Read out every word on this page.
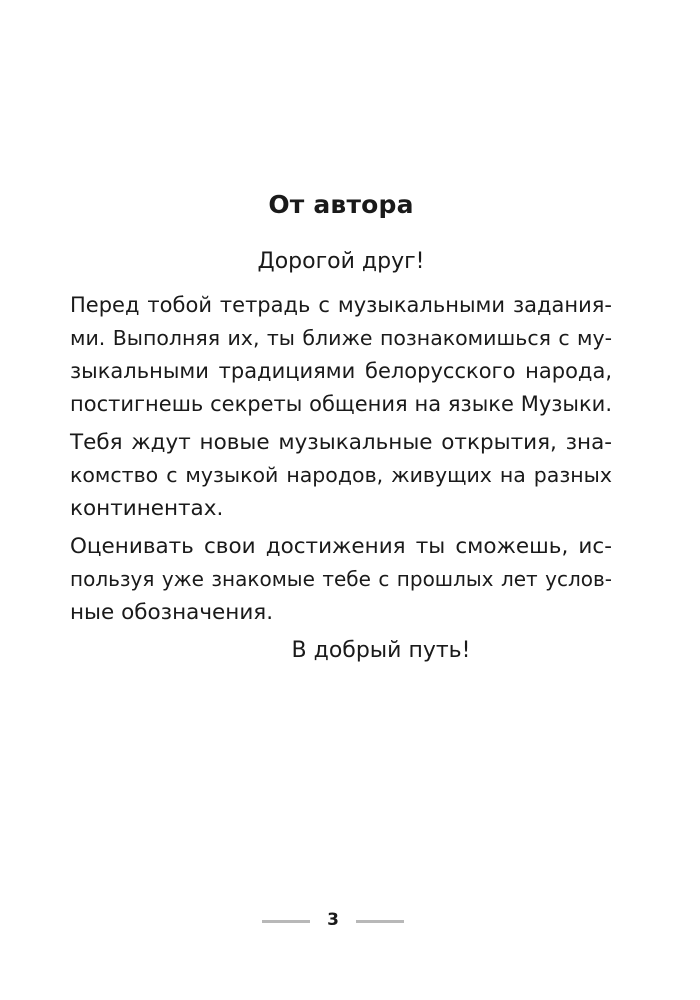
От автора

Дорогой друг!

Перед тобой тетрадь с музыкальными задания-
ми. Выполняя их, ты ближе познакомишься с му-
зыкальными традициями белорусского народа,
постигнешь секреты общения на языке Музыки.
Тебя ждут новые музыкальные открытия, зна-
комство с музыкой народов, живущих на разных
континентах.
Оценивать свои достижения ты сможешь, ис-
пользуя уже знакомые тебе с прошлых лет услов-
ные обозначения.

В добрый путь!

3
